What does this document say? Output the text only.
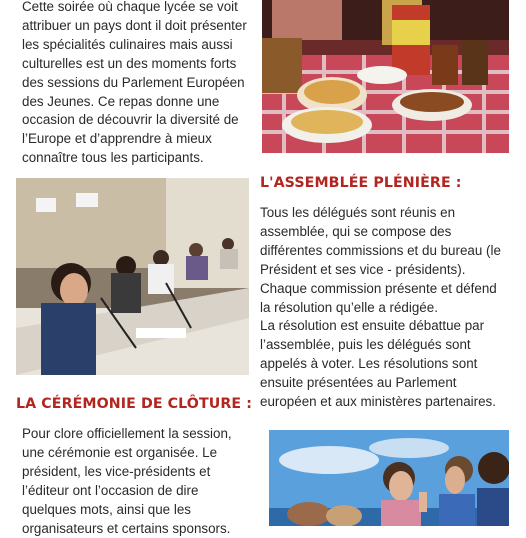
Cette soirée où chaque lycée se voit
attribuer un pays dont il doit présenter
les spécialités culinaires mais aussi
culturelles est un des moments forts
des sessions du Parlement Européen
des Jeunes. Ce repas donne une
occasion de découvrir la diversité de
l’Europe et d’apprendre à mieux
connaître tous les participants.

L'ASSEMBLÉE PLÉNIÈRE :

Tous les délégués sont réunis en
assemblée, qui se compose des
différentes commissions et du bureau (le
Président et ses vice - présidents).
Chaque commission présente et défend
la résolution qu’elle a rédigée.
La résolution est ensuite débattue par
l’assemblée, puis les délégués sont
appelés à voter. Les résolutions sont
ensuite présentées au Parlement
européen et aux ministères partenaires.

LA CÉRÉMONIE DE CLÔTURE :

Pour clore officiellement la session,
une cérémonie est organisée. Le
président, les vice-présidents et
l’éditeur ont l’occasion de dire
quelques mots, ainsi que les
organisateurs et certains sponsors.
